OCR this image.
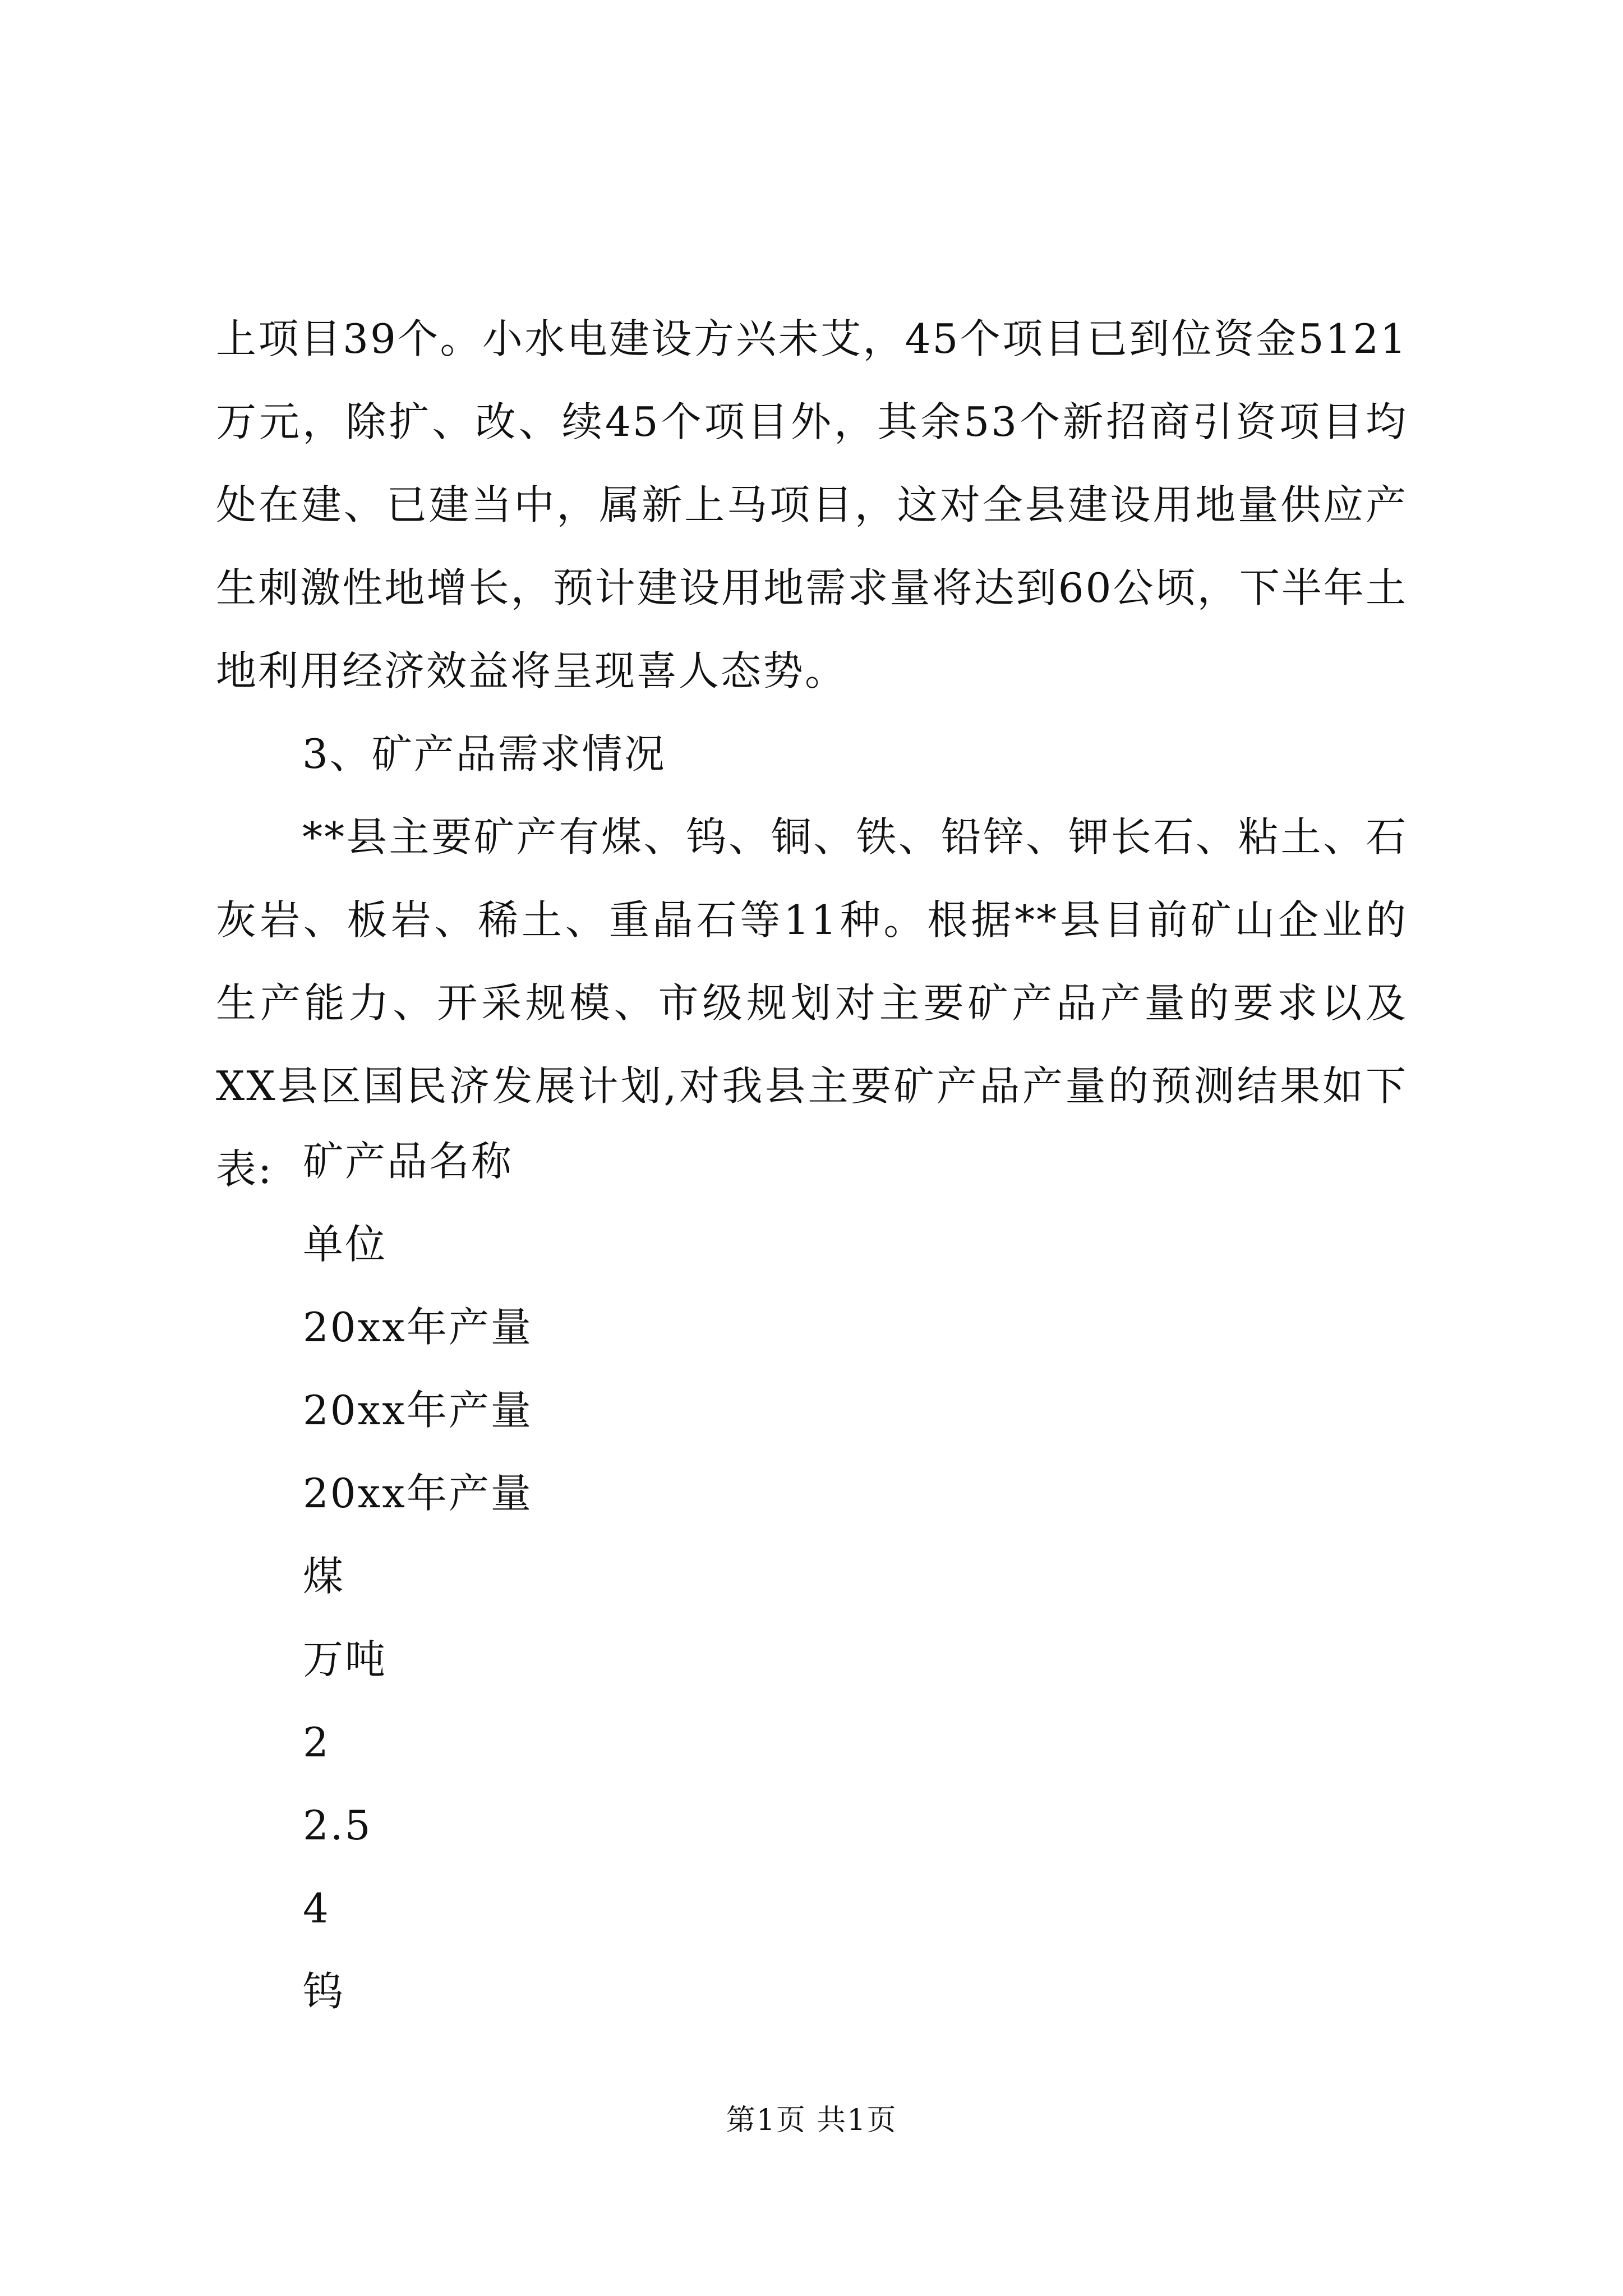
上项目39个。小水电建设方兴未艾，45个项目已到位资金5121万元，除扩、改、续45个项目外，其余53个新招商引资项目均处在建、已建当中，属新上马项目，这对全县建设用地量供应产生刺激性地增长，预计建设用地需求量将达到60公顷，下半年土地利用经济效益将呈现喜人态势。

3、矿产品需求情况

**县主要矿产有煤、钨、铜、铁、铅锌、钾长石、粘土、石灰岩、板岩、稀土、重晶石等11种。根据**县目前矿山企业的生产能力、开采规模、市级规划对主要矿产品产量的要求以及XX县区国民济发展计划,对我县主要矿产品产量的预测结果如下表: 矿产品名称
单位
20xx年产量
20xx年产量
20xx年产量
煤
万吨
2
2.5
4
钨
第1页 共1页
